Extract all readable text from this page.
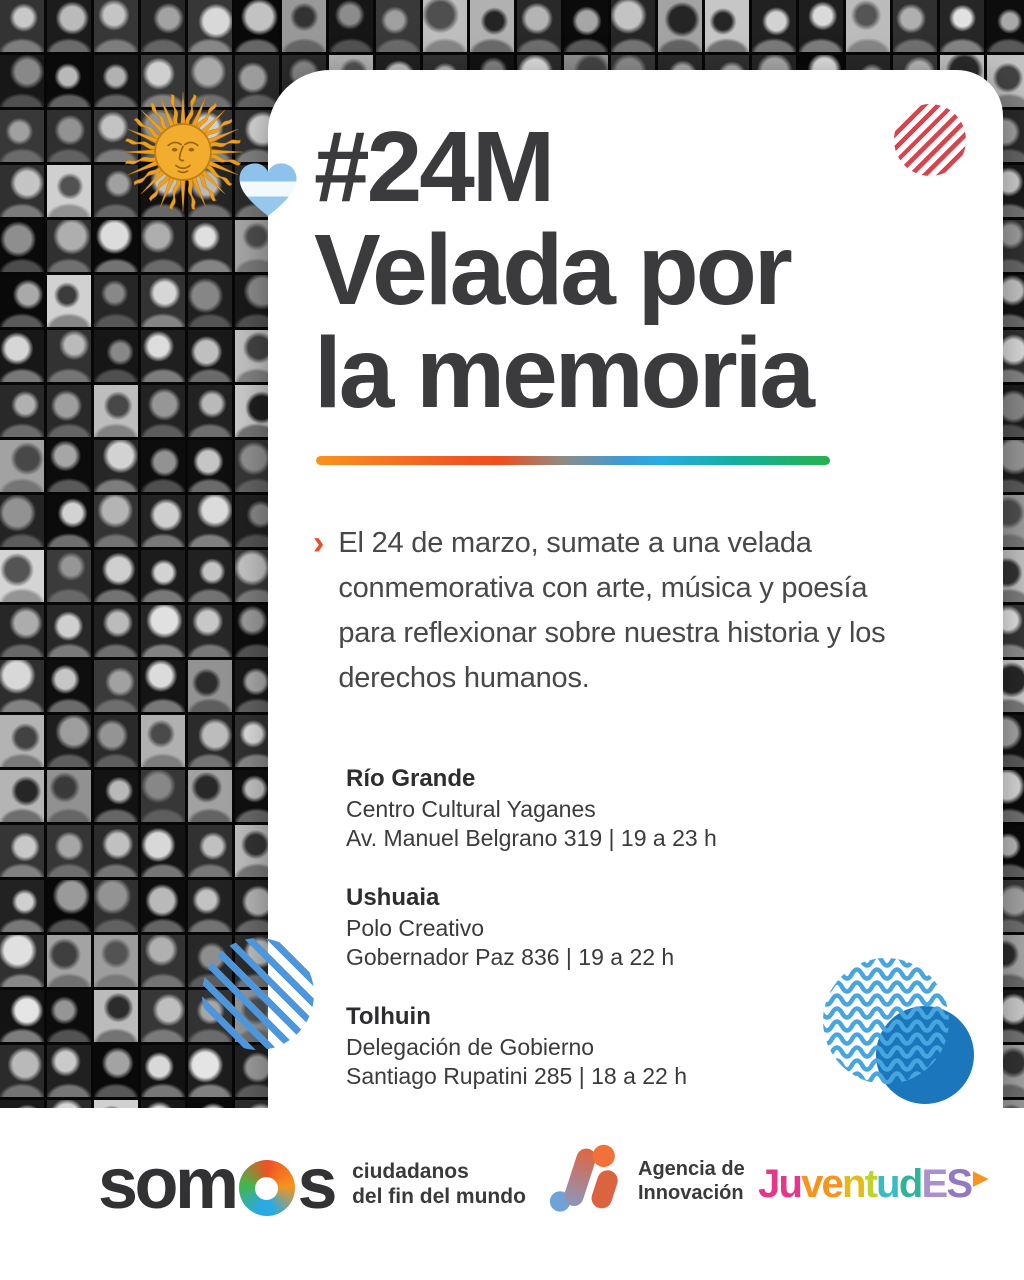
#24M
Velada por
la memoria
› El 24 de marzo, sumate a una velada conmemorativa con arte, música y poesía para reflexionar sobre nuestra historia y los derechos humanos.

Río Grande
Centro Cultural Yaganes
Av. Manuel Belgrano 319 | 19 a 23 h
Ushuaia
Polo Creativo
Gobernador Paz 836 | 19 a 22 h
Tolhuin
Delegación de Gobierno
Santiago Rupatini 285 | 18 a 22 h
som s ciudadanos
del fin del mundo
Agencia de
Innovación JuventudES ▶
